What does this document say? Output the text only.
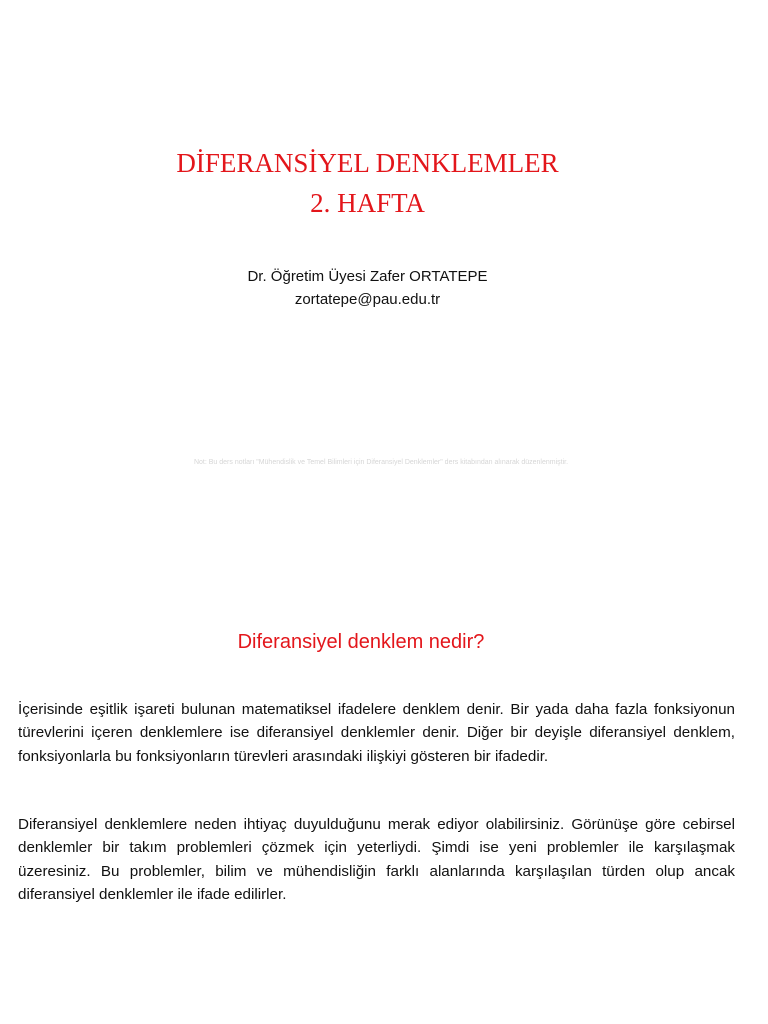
DİFERANSİYEL DENKLEMLER
2. HAFTA
Dr. Öğretim Üyesi Zafer ORTATEPE
zortatepe@pau.edu.tr
Not: Bu ders notları "Mühendislik ve Temel Bilimleri için Diferansiyel Denklemler" ders kitabından alınarak düzenlenmiştir.
Diferansiyel denklem nedir?

İçerisinde eşitlik işareti bulunan matematiksel ifadelere denklem denir. Bir yada daha fazla fonksiyonun türevlerini içeren denklemlere ise diferansiyel denklemler denir. Diğer bir deyişle diferansiyel denklem, fonksiyonlarla bu fonksiyonların türevleri arasındaki ilişkiyi gösteren bir ifadedir.

Diferansiyel denklemlere neden ihtiyaç duyulduğunu merak ediyor olabilirsiniz. Görünüşe göre cebirsel denklemler bir takım problemleri çözmek için yeterliydi. Şimdi ise yeni problemler ile karşılaşmak üzeresiniz. Bu problemler, bilim ve mühendisliğin farklı alanlarında karşılaşılan türden olup ancak diferansiyel denklemler ile ifade edilirler.
